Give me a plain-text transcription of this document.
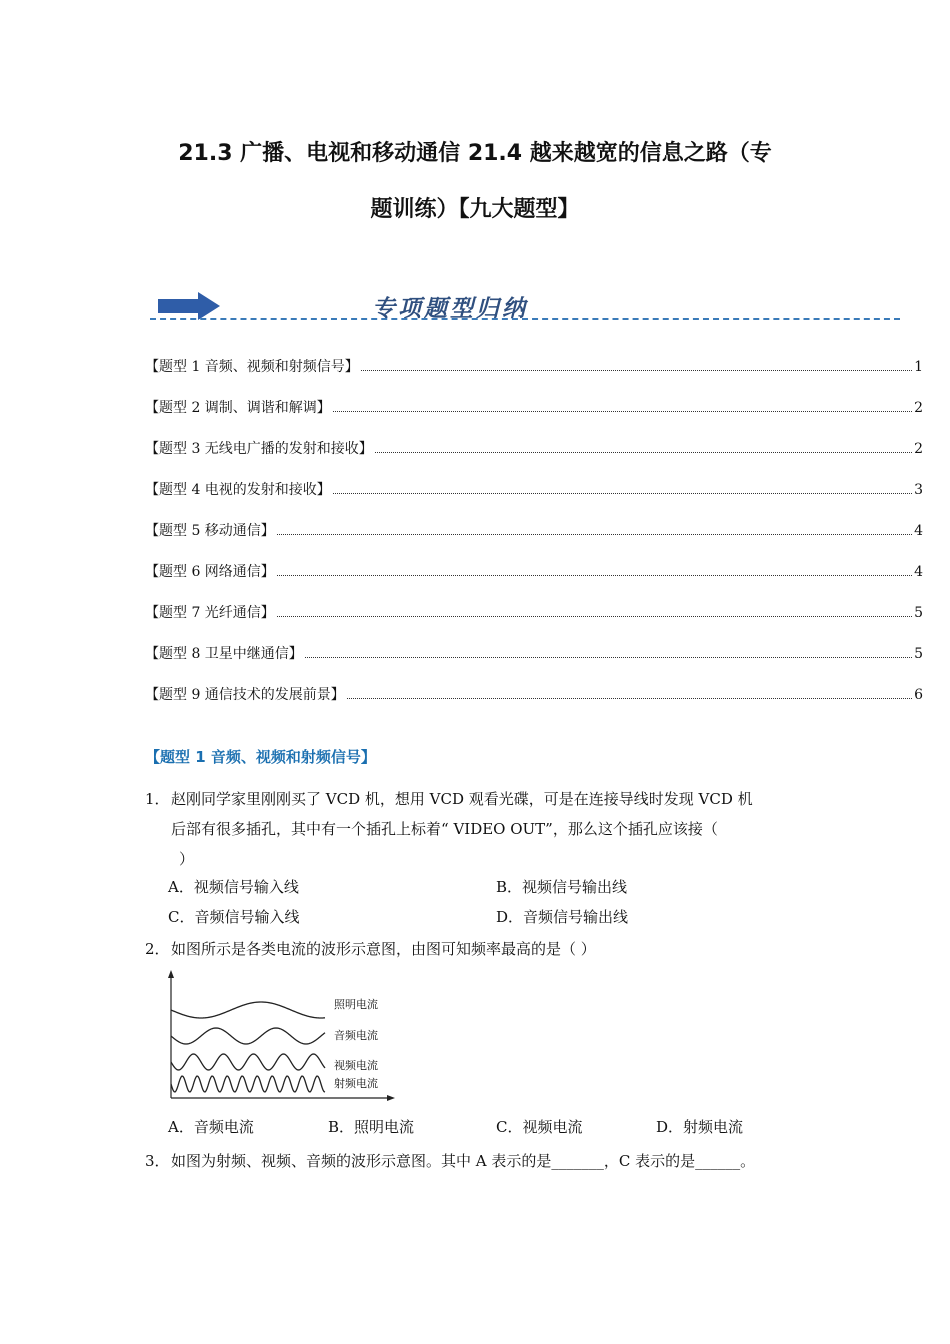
21.3 广播、电视和移动通信 21.4 越来越宽的信息之路（专
题训练）【九大题型】
专项题型归纳
【题型 1 音频、视频和射频信号】	1
【题型 2 调制、调谐和解调】	2
【题型 3 无线电广播的发射和接收】	2
【题型 4 电视的发射和接收】	3
【题型 5 移动通信】	4
【题型 6 网络通信】	4
【题型 7 光纤通信】	5
【题型 8 卫星中继通信】	5
【题型 9 通信技术的发展前景】	6
【题型 1 音频、视频和射频信号】
1． 赵刚同学家里刚刚买了 VCD 机，想用 VCD 观看光碟，可是在连接导线时发现 VCD 机
后部有很多插孔，其中有一个插孔上标着“ VIDEO OUT”，那么这个插孔应该接（
）
A．视频信号输入线	B．视频信号输出线
C．音频信号输入线	D．音频信号输出线
2． 如图所示是各类电流的波形示意图，由图可知频率最高的是（ ）
照明电流
音频电流
视频电流
射频电流
A．音频电流	B．照明电流	C．视频电流	D．射频电流
3． 如图为射频、视频、音频的波形示意图。其中 A 表示的是_______，C 表示的是______。
